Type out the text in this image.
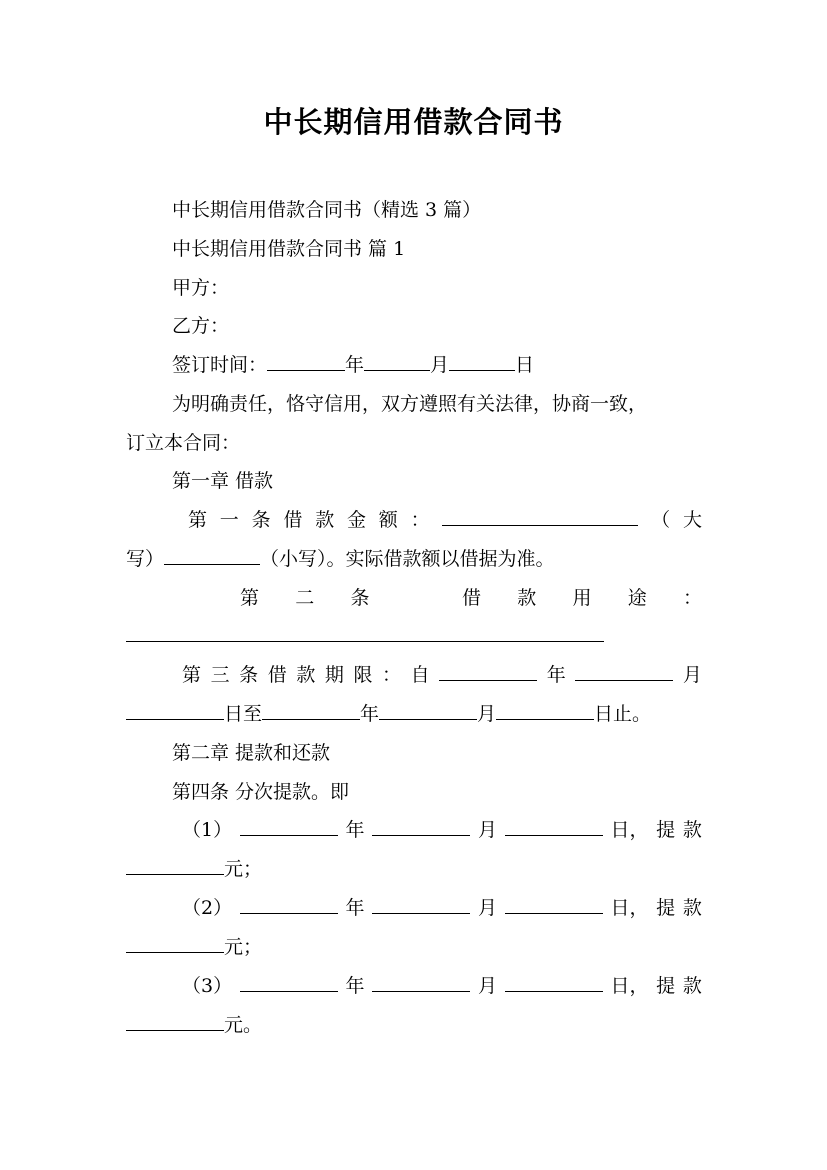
中长期信用借款合同书
中长期信用借款合同书（精选 3 篇）
中长期信用借款合同书 篇 1
甲方：
乙方：
签订时间：	年	月	日
为明确责任，恪守信用，双方遵照有关法律，协商一致，
订立本合同：
第一章 借款
第 一 条 借 款 金 额 ：	（ 大
写）	（小写）。实际借款额以借据为准。
第 二 条	借 款 用 途 ：
第 三 条 借 款 期 限 ： 自	年	月
日至	年	月	日止。
第二章 提款和还款
第四条 分次提款。即
（1）	年	月	日， 提 款
元；
（2）	年	月	日， 提 款
元；
（3）	年	月	日， 提 款
元。
